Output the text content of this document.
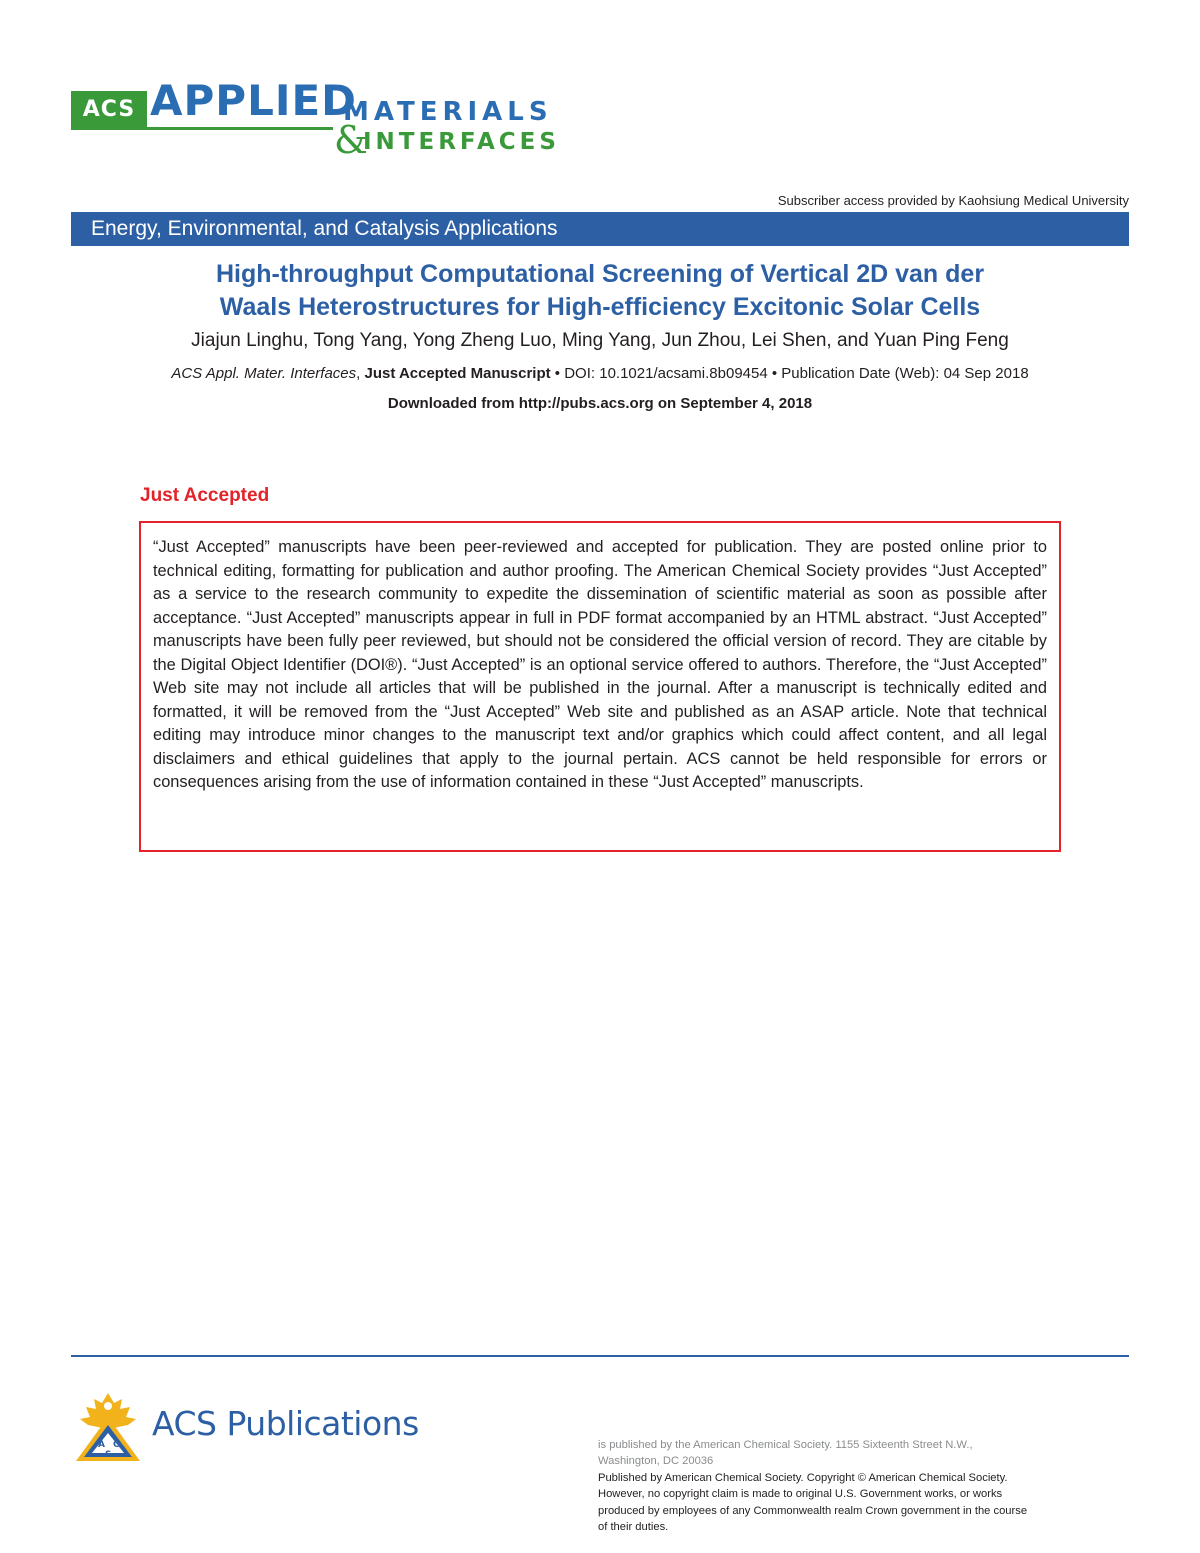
ACS APPLIED
MATERIALS
&
INTERFACES
Subscriber access provided by Kaohsiung Medical University
Energy, Environmental, and Catalysis Applications
High-throughput Computational Screening of Vertical 2D van der
Waals Heterostructures for High-efficiency Excitonic Solar Cells
Jiajun Linghu, Tong Yang, Yong Zheng Luo, Ming Yang, Jun Zhou, Lei Shen, and Yuan Ping Feng
ACS Appl. Mater. Interfaces, Just Accepted Manuscript • DOI: 10.1021/acsami.8b09454 • Publication Date (Web): 04 Sep 2018
Downloaded from http://pubs.acs.org on September 4, 2018
Just Accepted

“Just Accepted” manuscripts have been peer-reviewed and accepted for publication. They are posted online prior to technical editing, formatting for publication and author proofing. The American Chemical Society provides “Just Accepted” as a service to the research community to expedite the dissemination of scientific material as soon as possible after acceptance. “Just Accepted” manuscripts appear in full in PDF format accompanied by an HTML abstract. “Just Accepted” manuscripts have been fully peer reviewed, but should not be considered the official version of record. They are citable by the Digital Object Identifier (DOI®). “Just Accepted” is an optional service offered to authors. Therefore, the “Just Accepted” Web site may not include all articles that will be published in the journal. After a manuscript is technically edited and formatted, it will be removed from the “Just Accepted” Web site and published as an ASAP article. Note that technical editing may introduce minor changes to the manuscript text and/or graphics which could affect content, and all legal disclaimers and ethical guidelines that apply to the journal pertain. ACS cannot be held responsible for errors or consequences arising from the use of information contained in these “Just Accepted” manuscripts.

A C
S
ACS Publications
is published by the American Chemical Society. 1155 Sixteenth Street N.W.,
Washington, DC 20036
Published by American Chemical Society. Copyright © American Chemical Society.
However, no copyright claim is made to original U.S. Government works, or works
produced by employees of any Commonwealth realm Crown government in the course
of their duties.
